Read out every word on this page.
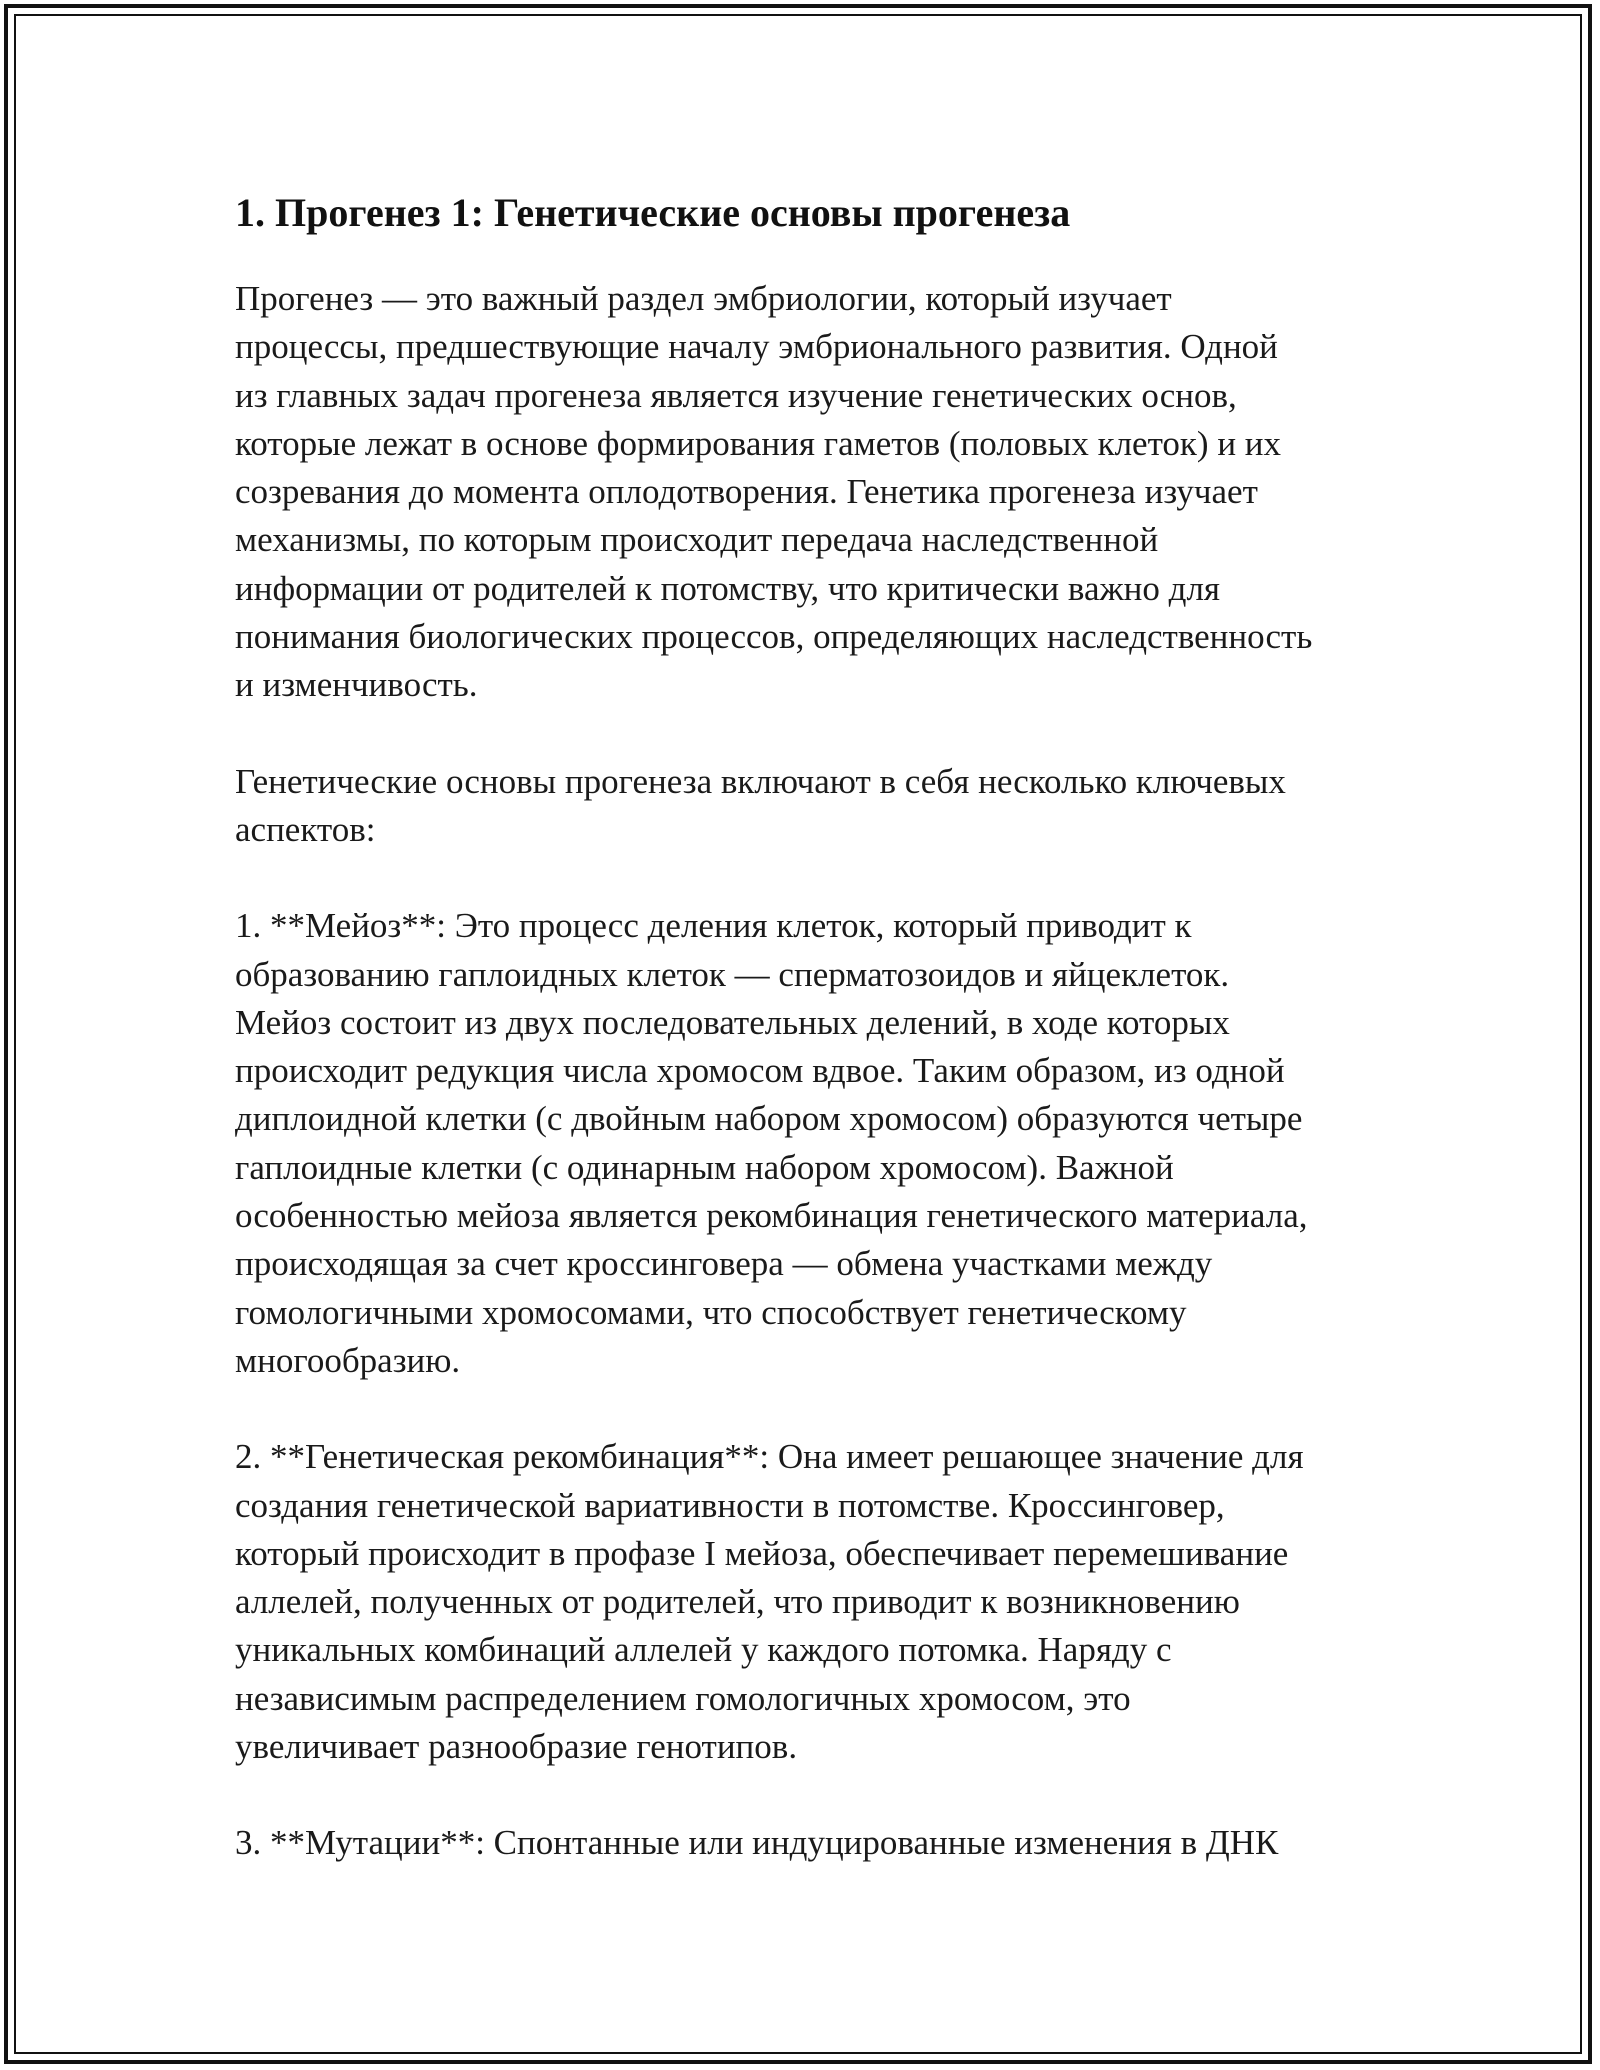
1. Прогенез 1: Генетические основы прогенеза

Прогенез — это важный раздел эмбриологии, который изучает
процессы, предшествующие началу эмбрионального развития. Одной
из главных задач прогенеза является изучение генетических основ,
которые лежат в основе формирования гаметов (половых клеток) и их
созревания до момента оплодотворения. Генетика прогенеза изучает
механизмы, по которым происходит передача наследственной
информации от родителей к потомству, что критически важно для
понимания биологических процессов, определяющих наследственность
и изменчивость.

Генетические основы прогенеза включают в себя несколько ключевых
аспектов:

1. **Мейоз**: Это процесс деления клеток, который приводит к
образованию гаплоидных клеток — сперматозоидов и яйцеклеток.
Мейоз состоит из двух последовательных делений, в ходе которых
происходит редукция числа хромосом вдвое. Таким образом, из одной
диплоидной клетки (с двойным набором хромосом) образуются четыре
гаплоидные клетки (с одинарным набором хромосом). Важной
особенностью мейоза является рекомбинация генетического материала,
происходящая за счет кроссинговера — обмена участками между
гомологичными хромосомами, что способствует генетическому
многообразию.

2. **Генетическая рекомбинация**: Она имеет решающее значение для
создания генетической вариативности в потомстве. Кроссинговер,
который происходит в профазе I мейоза, обеспечивает перемешивание
аллелей, полученных от родителей, что приводит к возникновению
уникальных комбинаций аллелей у каждого потомка. Наряду с
независимым распределением гомологичных хромосом, это
увеличивает разнообразие генотипов.

3. **Мутации**: Спонтанные или индуцированные изменения в ДНК
